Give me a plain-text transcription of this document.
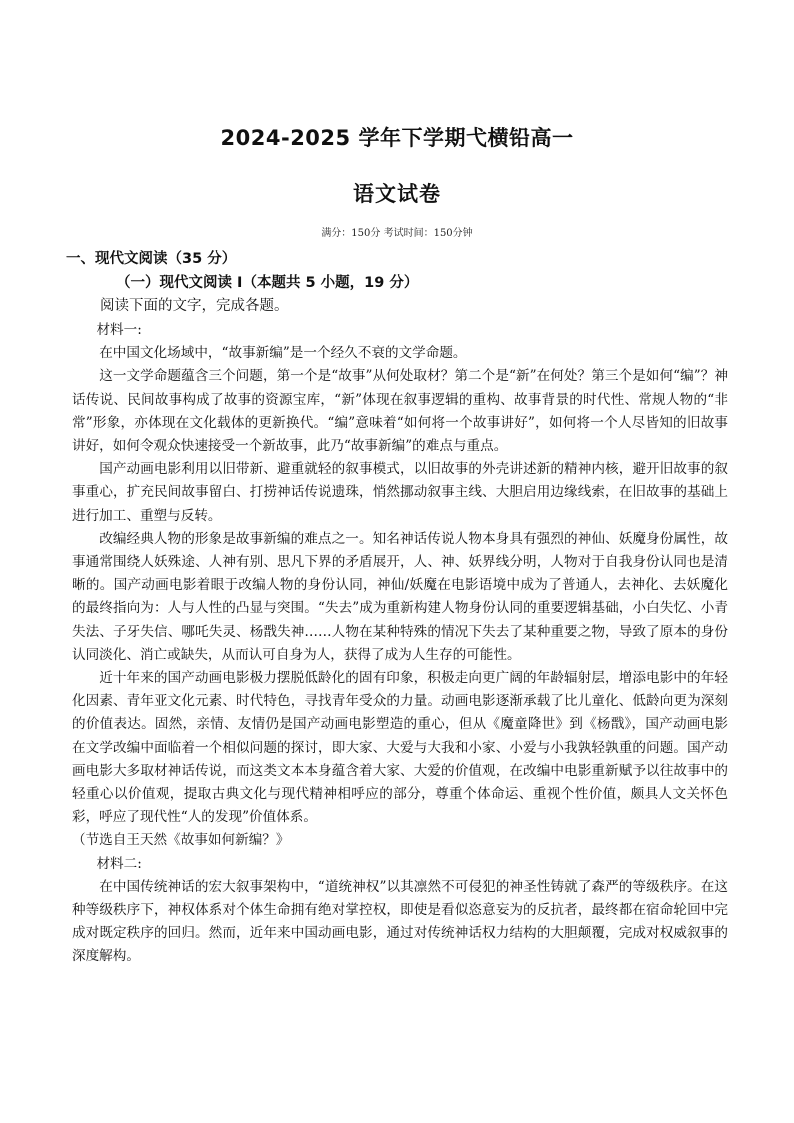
2024-2025 学年下学期弋横铅高一
语文试卷
满分：150分 考试时间：150分钟
一、现代文阅读（35 分）
（一）现代文阅读 I（本题共 5 小题，19 分）
阅读下面的文字，完成各题。

材料一:

在中国文化场域中，“故事新编”是一个经久不衰的文学命题。

这一文学命题蕴含三个问题，第一个是“故事”从何处取材？第二个是“新”在何处？第三个是如何“编”？神话传说、民间故事构成了故事的资源宝库，“新”体现在叙事逻辑的重构、故事背景的时代性、常规人物的“非常”形象，亦体现在文化载体的更新换代。“编”意味着“如何将一个故事讲好”，如何将一个人尽皆知的旧故事讲好，如何令观众快速接受一个新故事，此乃“故事新编”的难点与重点。

国产动画电影利用以旧带新、避重就轻的叙事模式，以旧故事的外壳讲述新的精神内核，避开旧故事的叙事重心，扩充民间故事留白、打捞神话传说遗珠，悄然挪动叙事主线、大胆启用边缘线索，在旧故事的基础上进行加工、重塑与反转。

改编经典人物的形象是故事新编的难点之一。知名神话传说人物本身具有强烈的神仙、妖魔身份属性，故事通常围绕人妖殊途、人神有别、思凡下界的矛盾展开，人、神、妖界线分明，人物对于自我身份认同也是清晰的。国产动画电影着眼于改编人物的身份认同，神仙/妖魔在电影语境中成为了普通人，去神化、去妖魔化的最终指向为：人与人性的凸显与突围。“失去”成为重新构建人物身份认同的重要逻辑基础，小白失忆、小青失法、子牙失信、哪吒失灵、杨戬失神……人物在某种特殊的情况下失去了某种重要之物，导致了原本的身份认同淡化、消亡或缺失，从而认可自身为人，获得了成为人生存的可能性。

近十年来的国产动画电影极力摆脱低龄化的固有印象，积极走向更广阔的年龄辐射层，增添电影中的年轻化因素、青年亚文化元素、时代特色，寻找青年受众的力量。动画电影逐渐承载了比儿童化、低龄向更为深刻的价值表达。固然，亲情、友情仍是国产动画电影塑造的重心，但从《魔童降世》到《杨戬》，国产动画电影在文学改编中面临着一个相似问题的探讨，即大家、大爱与大我和小家、小爱与小我孰轻孰重的问题。国产动画电影大多取材神话传说，而这类文本本身蕴含着大家、大爱的价值观，在改编中电影重新赋予以往故事中的轻重心以价值观，提取古典文化与现代精神相呼应的部分，尊重个体命运、重视个性价值，颇具人文关怀色彩，呼应了现代性“人的发现”价值体系。

（节选自王天然《故事如何新编？》

材料二:

在中国传统神话的宏大叙事架构中，“道统神权”以其凛然不可侵犯的神圣性铸就了森严的等级秩序。在这种等级秩序下，神权体系对个体生命拥有绝对掌控权，即使是看似恣意妄为的反抗者，最终都在宿命轮回中完成对既定秩序的回归。然而，近年来中国动画电影，通过对传统神话权力结构的大胆颠覆，完成对权威叙事的深度解构。
